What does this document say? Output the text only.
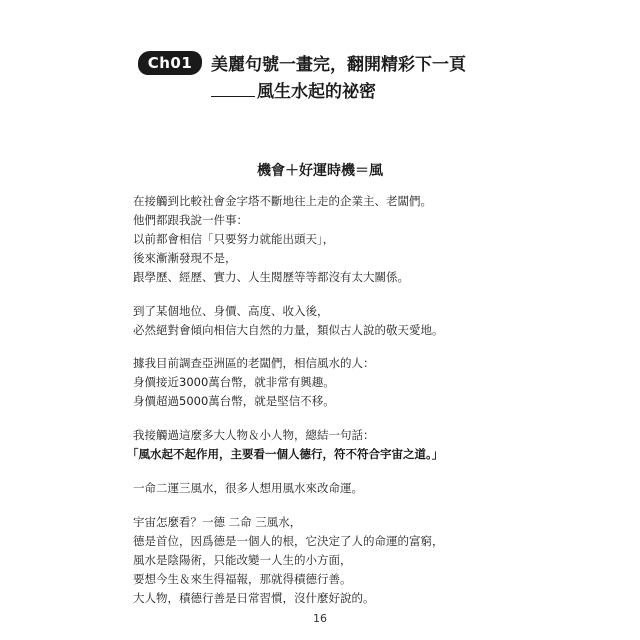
Ch01	美麗句號一畫完，翻開精彩下一頁
風生水起的祕密
機會＋好運時機＝風
在接觸到比較社會金字塔不斷地往上走的企業主、老闆們。
他們都跟我說一件事：
以前都會相信「只要努力就能出頭天」，
後來漸漸發現不是，
跟學歷、經歷、實力、人生閱歷等等都沒有太大關係。
到了某個地位、身價、高度、收入後，
必然絕對會傾向相信大自然的力量，類似古人說的敬天愛地。
據我目前調查亞洲區的老闆們，相信風水的人：
身價接近3000萬台幣，就非常有興趣。
身價超過5000萬台幣，就是堅信不移。
我接觸過這麼多大人物＆小人物，總結一句話：
「風水起不起作用，主要看一個人德行，符不符合宇宙之道。」
一命二運三風水，很多人想用風水來改命運。
宇宙怎麼看？一德 二命 三風水，
德是首位，因爲德是一個人的根，它決定了人的命運的富窮，
風水是陰陽術，只能改變一人生的小方面，
要想今生＆來生得福報，那就得積德行善。
大人物，積德行善是日常習慣，沒什麼好說的。
16
